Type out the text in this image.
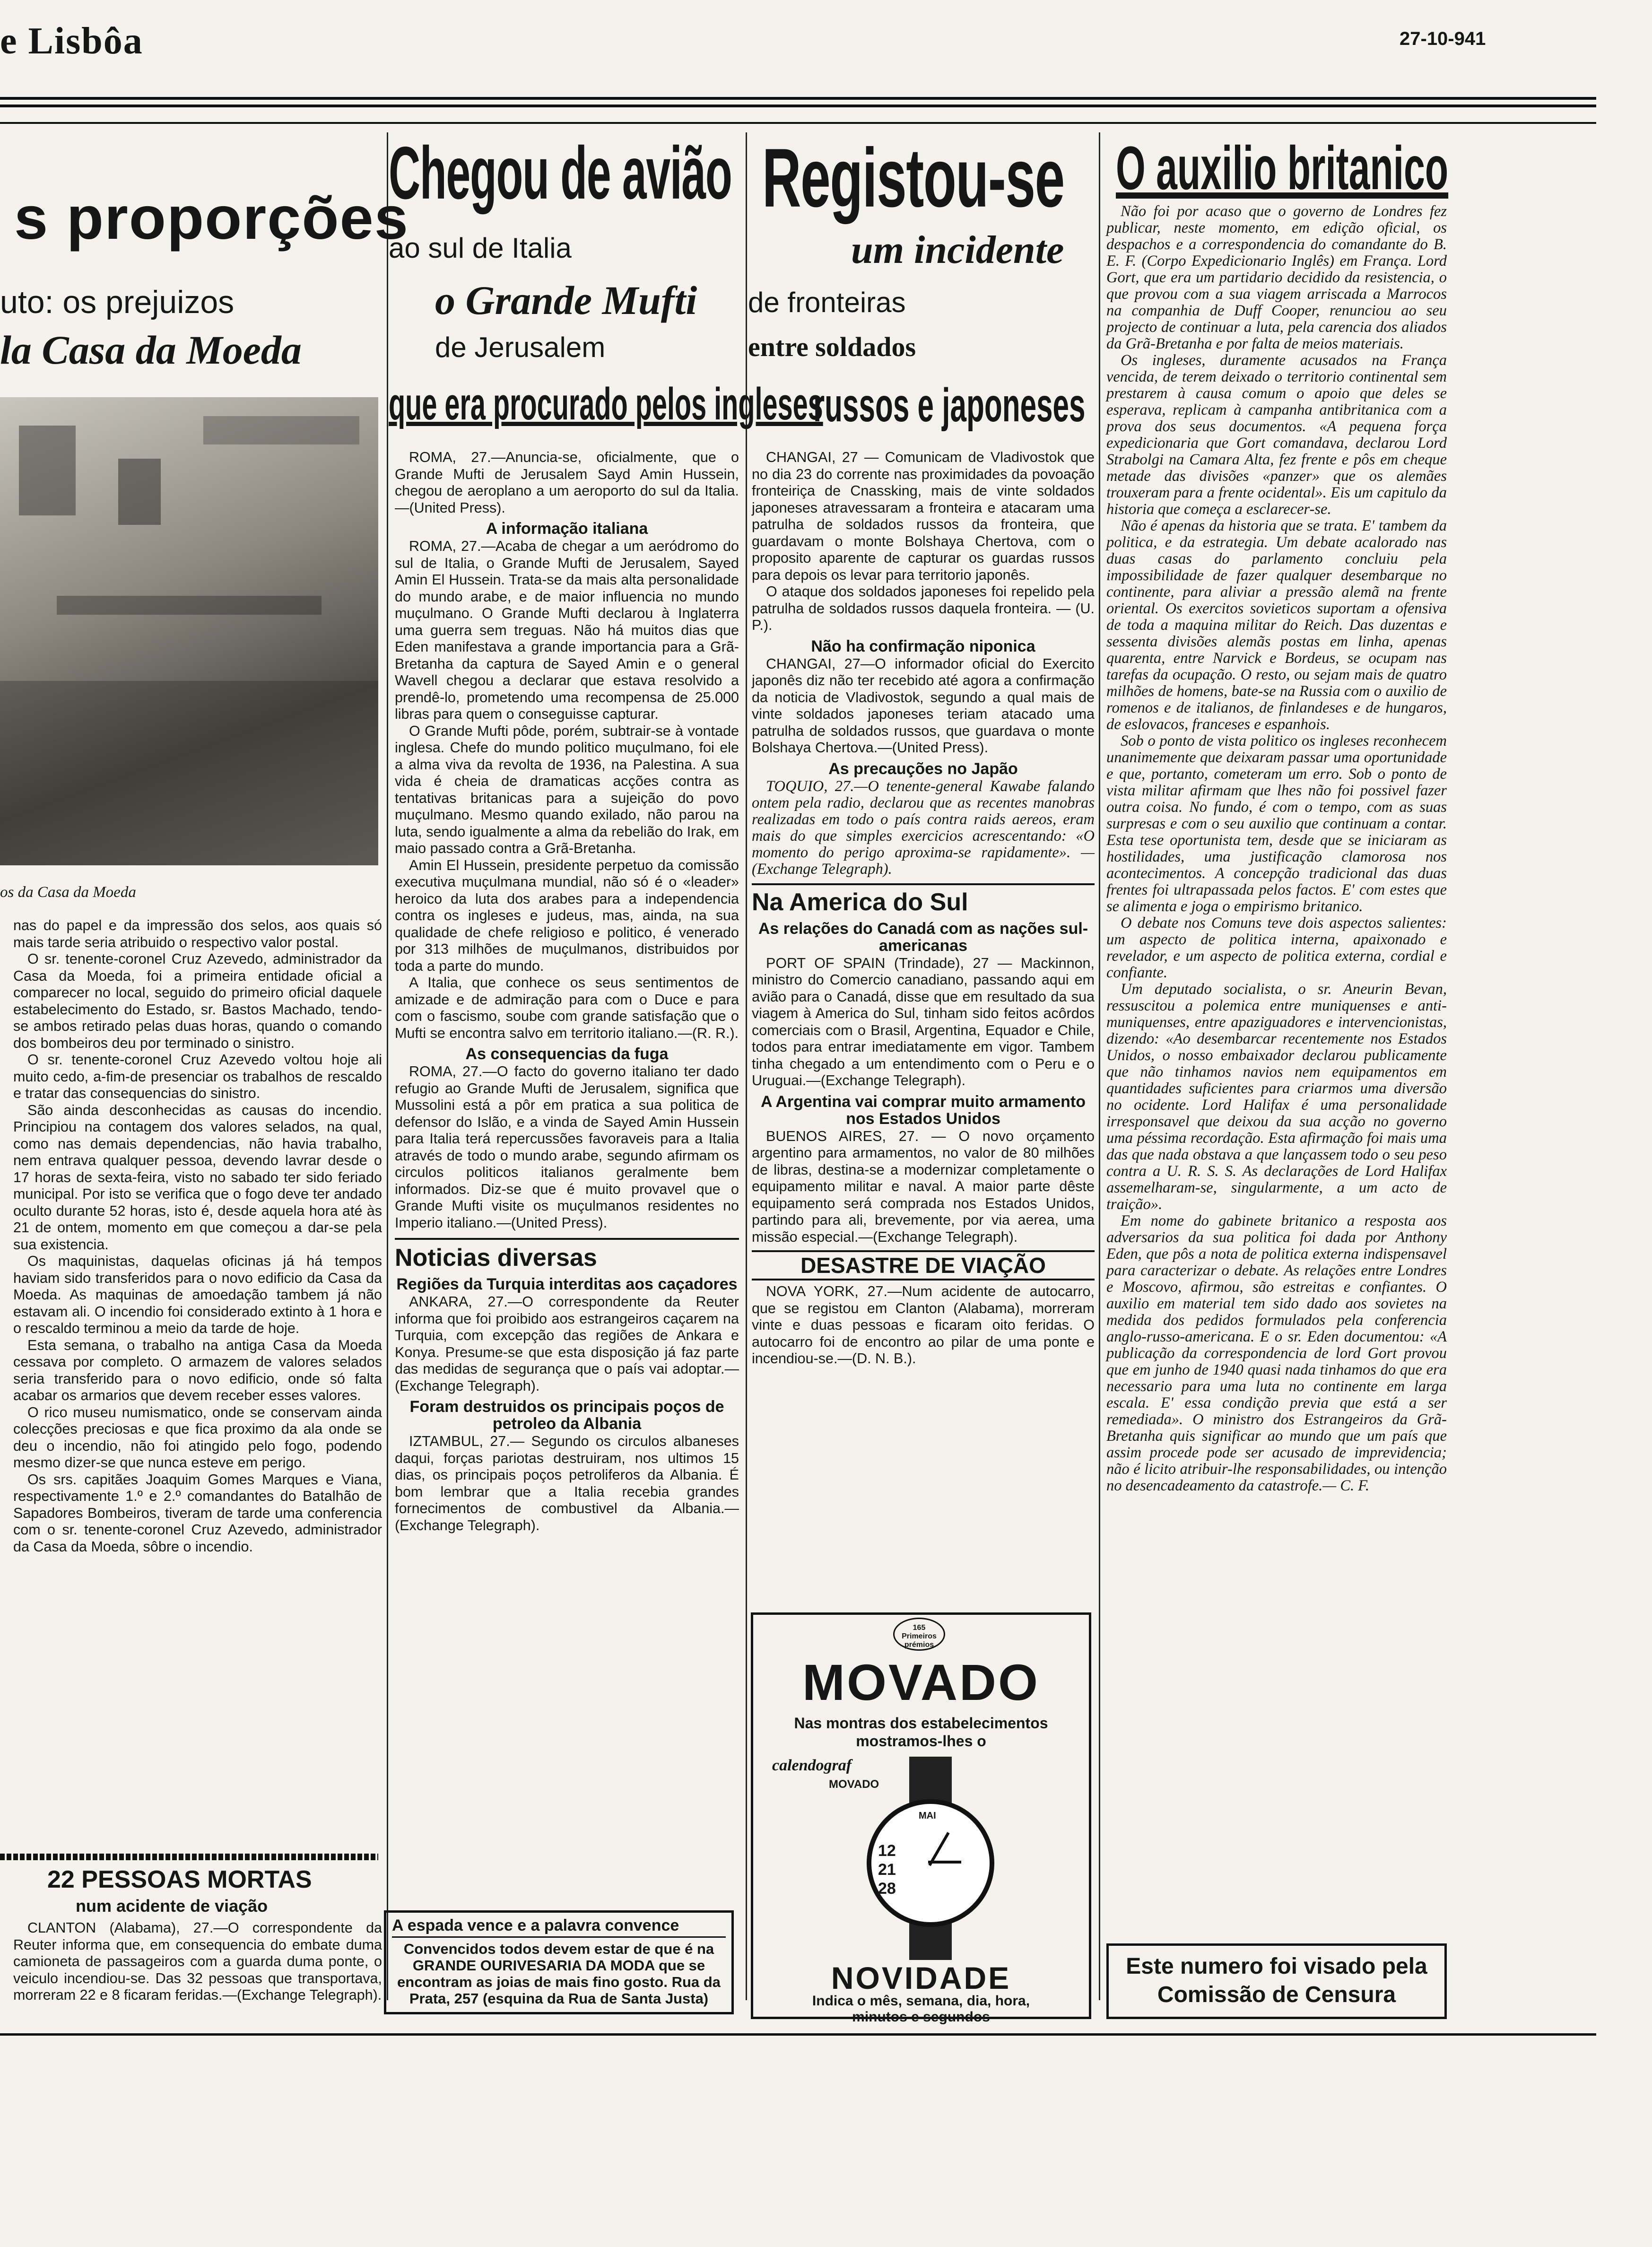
e Lisbôa	27-10-941
s proporções
uto: os prejuizos
la Casa da Moeda
os da Casa da Moeda

nas do papel e da impressão dos selos, aos quais só mais tarde seria atribuido o respectivo valor postal.

O sr. tenente-coronel Cruz Azevedo, administrador da Casa da Moeda, foi a primeira entidade oficial a comparecer no local, seguido do primeiro oficial daquele estabelecimento do Estado, sr. Bastos Machado, tendo-se ambos retirado pelas duas horas, quando o comando dos bombeiros deu por terminado o sinistro.

O sr. tenente-coronel Cruz Azevedo voltou hoje ali muito cedo, a-fim-de presenciar os trabalhos de rescaldo e tratar das consequencias do sinistro.

São ainda desconhecidas as causas do incendio. Principiou na contagem dos valores selados, na qual, como nas demais dependencias, não havia trabalho, nem entrava qualquer pessoa, devendo lavrar desde o 17 horas de sexta-feira, visto no sabado ter sido feriado municipal. Por isto se verifica que o fogo deve ter andado oculto durante 52 horas, isto é, desde aquela hora até às 21 de ontem, momento em que começou a dar-se pela sua existencia.

Os maquinistas, daquelas oficinas já há tempos haviam sido transferidos para o novo edificio da Casa da Moeda. As maquinas de amoedação tambem já não estavam ali. O incendio foi considerado extinto à 1 hora e o rescaldo terminou a meio da tarde de hoje.

Esta semana, o trabalho na antiga Casa da Moeda cessava por completo. O armazem de valores selados seria transferido para o novo edificio, onde só falta acabar os armarios que devem receber esses valores.

O rico museu numismatico, onde se conservam ainda colecções preciosas e que fica proximo da ala onde se deu o incendio, não foi atingido pelo fogo, podendo mesmo dizer-se que nunca esteve em perigo.

Os srs. capitães Joaquim Gomes Marques e Viana, respectivamente 1.º e 2.º comandantes do Batalhão de Sapadores Bombeiros, tiveram de tarde uma conferencia com o sr. tenente-coronel Cruz Azevedo, administrador da Casa da Moeda, sôbre o incendio.

22 PESSOAS MORTAS
num acidente de viação

CLANTON (Alabama), 27.—O correspondente da Reuter informa que, em consequencia do embate duma camioneta de passageiros com a guarda duma ponte, o veiculo incendiou-se. Das 32 pessoas que transportava, morreram 22 e 8 ficaram feridas.—(Exchange Telegraph).

Chegou de avião
ao sul de Italia
o Grande Mufti
de Jerusalem
que era procurado pelos ingleses

ROMA, 27.—Anuncia-se, oficialmente, que o Grande Mufti de Jerusalem Sayd Amin Hussein, chegou de aeroplano a um aeroporto do sul da Italia.—(United Press).

A informação italiana

ROMA, 27.—Acaba de chegar a um aeródromo do sul de Italia, o Grande Mufti de Jerusalem, Sayed Amin El Hussein. Trata-se da mais alta personalidade do mundo arabe, e de maior influencia no mundo muçulmano. O Grande Mufti declarou à Inglaterra uma guerra sem treguas. Não há muitos dias que Eden manifestava a grande importancia para a Grã-Bretanha da captura de Sayed Amin e o general Wavell chegou a declarar que estava resolvido a prendê-lo, prometendo uma recompensa de 25.000 libras para quem o conseguisse capturar.

O Grande Mufti pôde, porém, subtrair-se à vontade inglesa. Chefe do mundo politico muçulmano, foi ele a alma viva da revolta de 1936, na Palestina. A sua vida é cheia de dramaticas acções contra as tentativas britanicas para a sujeição do povo muçulmano. Mesmo quando exilado, não parou na luta, sendo igualmente a alma da rebelião do Irak, em maio passado contra a Grã-Bretanha.

Amin El Hussein, presidente perpetuo da comissão executiva muçulmana mundial, não só é o «leader» heroico da luta dos arabes para a independencia contra os ingleses e judeus, mas, ainda, na sua qualidade de chefe religioso e politico, é venerado por 313 milhões de muçulmanos, distribuidos por toda a parte do mundo.

A Italia, que conhece os seus sentimentos de amizade e de admiração para com o Duce e para com o fascismo, soube com grande satisfação que o Mufti se encontra salvo em territorio italiano.—(R. R.).

As consequencias da fuga

ROMA, 27.—O facto do governo italiano ter dado refugio ao Grande Mufti de Jerusalem, significa que Mussolini está a pôr em pratica a sua politica de defensor do Islão, e a vinda de Sayed Amin Hussein para Italia terá repercussões favoraveis para a Italia através de todo o mundo arabe, segundo afirmam os circulos politicos italianos geralmente bem informados. Diz-se que é muito provavel que o Grande Mufti visite os muçulmanos residentes no Imperio italiano.—(United Press).

Noticias diversas
Regiões da Turquia interditas aos caçadores

ANKARA, 27.—O correspondente da Reuter informa que foi proibido aos estrangeiros caçarem na Turquia, com excepção das regiões de Ankara e Konya. Presume-se que esta disposição já faz parte das medidas de segurança que o país vai adoptar.—(Exchange Telegraph).

Foram destruidos os principais poços de petroleo da Albania

IZTAMBUL, 27.— Segundo os circulos albaneses daqui, forças pariotas destruiram, nos ultimos 15 dias, os principais poços petroliferos da Albania. É bom lembrar que a Italia recebia grandes fornecimentos de combustivel da Albania.—(Exchange Telegraph).

A espada vence e a palavra convence
Convencidos todos devem estar de que é na GRANDE OURIVESARIA DA MODA que se encontram as joias de mais fino gosto. Rua da Prata, 257 (esquina da Rua de Santa Justa)
Registou-se
um incidente
de fronteiras
entre soldados
russos e japoneses

CHANGAI, 27 — Comunicam de Vladivostok que no dia 23 do corrente nas proximidades da povoação fronteiriça de Cnassking, mais de vinte soldados japoneses atravessaram a fronteira e atacaram uma patrulha de soldados russos da fronteira, que guardavam o monte Bolshaya Chertova, com o proposito aparente de capturar os guardas russos para depois os levar para territorio japonês.

O ataque dos soldados japoneses foi repelido pela patrulha de soldados russos daquela fronteira. — (U. P.).

Não ha confirmação niponica

CHANGAI, 27—O informador oficial do Exercito japonês diz não ter recebido até agora a confirmação da noticia de Vladivostok, segundo a qual mais de vinte soldados japoneses teriam atacado uma patrulha de soldados russos, que guardava o monte Bolshaya Chertova.—(United Press).

As precauções no Japão

TOQUIO, 27.—O tenente-general Kawabe falando ontem pela radio, declarou que as recentes manobras realizadas em todo o país contra raids aereos, eram mais do que simples exercicios acrescentando: «O momento do perigo aproxima-se rapidamente». — (Exchange Telegraph).

Na America do Sul
As relações do Canadá com as nações sul-americanas

PORT OF SPAIN (Trindade), 27 — Mackinnon, ministro do Comercio canadiano, passando aqui em avião para o Canadá, disse que em resultado da sua viagem à America do Sul, tinham sido feitos acôrdos comerciais com o Brasil, Argentina, Equador e Chile, todos para entrar imediatamente em vigor. Tambem tinha chegado a um entendimento com o Peru e o Uruguai.—(Exchange Telegraph).

A Argentina vai comprar muito armamento nos Estados Unidos

BUENOS AIRES, 27. — O novo orçamento argentino para armamentos, no valor de 80 milhões de libras, destina-se a modernizar completamente o equipamento militar e naval. A maior parte dêste equipamento será comprada nos Estados Unidos, partindo para ali, brevemente, por via aerea, uma missão especial.—(Exchange Telegraph).

DESASTRE DE VIAÇÃO

NOVA YORK, 27.—Num acidente de autocarro, que se registou em Clanton (Alabama), morreram vinte e duas pessoas e ficaram oito feridas. O autocarro foi de encontro ao pilar de uma ponte e incendiou-se.—(D. N. B.).

165 Primeiros prémios
MOVADO
Nas montras dos estabelecimentos mostramos-lhes o
calendograf
MOVADO
MAI
12
21
28
NOVIDADE
Indica o mês, semana, dia, hora, minutos e segundos
O auxilio britanico

Não foi por acaso que o governo de Londres fez publicar, neste momento, em edição oficial, os despachos e a correspondencia do comandante do B. E. F. (Corpo Expedicionario Inglês) em França. Lord Gort, que era um partidario decidido da resistencia, o que provou com a sua viagem arriscada a Marrocos na companhia de Duff Cooper, renunciou ao seu projecto de continuar a luta, pela carencia dos aliados da Grã-Bretanha e por falta de meios materiais.

Os ingleses, duramente acusados na França vencida, de terem deixado o territorio continental sem prestarem à causa comum o apoio que deles se esperava, replicam à campanha antibritanica com a prova dos seus documentos. «A pequena força expedicionaria que Gort comandava, declarou Lord Strabolgi na Camara Alta, fez frente e pôs em cheque metade das divisões «panzer» que os alemães trouxeram para a frente ocidental». Eis um capitulo da historia que começa a esclarecer-se.

Não é apenas da historia que se trata. E' tambem da politica, e da estrategia. Um debate acalorado nas duas casas do parlamento concluiu pela impossibilidade de fazer qualquer desembarque no continente, para aliviar a pressão alemã na frente oriental. Os exercitos sovieticos suportam a ofensiva de toda a maquina militar do Reich. Das duzentas e sessenta divisões alemãs postas em linha, apenas quarenta, entre Narvick e Bordeus, se ocupam nas tarefas da ocupação. O resto, ou sejam mais de quatro milhões de homens, bate-se na Russia com o auxilio de romenos e de italianos, de finlandeses e de hungaros, de eslovacos, franceses e espanhois.

Sob o ponto de vista politico os ingleses reconhecem unanimemente que deixaram passar uma oportunidade e que, portanto, cometeram um erro. Sob o ponto de vista militar afirmam que lhes não foi possivel fazer outra coisa. No fundo, é com o tempo, com as suas surpresas e com o seu auxilio que continuam a contar. Esta tese oportunista tem, desde que se iniciaram as hostilidades, uma justificação clamorosa nos acontecimentos. A concepção tradicional das duas frentes foi ultrapassada pelos factos. E' com estes que se alimenta e joga o empirismo britanico.

O debate nos Comuns teve dois aspectos salientes: um aspecto de politica interna, apaixonado e revelador, e um aspecto de politica externa, cordial e confiante.

Um deputado socialista, o sr. Aneurin Bevan, ressuscitou a polemica entre muniquenses e anti-muniquenses, entre apaziguadores e intervencionistas, dizendo: «Ao desembarcar recentemente nos Estados Unidos, o nosso embaixador declarou publicamente que não tinhamos navios nem equipamentos em quantidades suficientes para criarmos uma diversão no ocidente. Lord Halifax é uma personalidade irresponsavel que deixou da sua acção no governo uma péssima recordação. Esta afirmação foi mais uma das que nada obstava a que lançassem todo o seu peso contra a U. R. S. S. As declarações de Lord Halifax assemelharam-se, singularmente, a um acto de traição».

Em nome do gabinete britanico a resposta aos adversarios da sua politica foi dada por Anthony Eden, que pôs a nota de politica externa indispensavel para caracterizar o debate. As relações entre Londres e Moscovo, afirmou, são estreitas e confiantes. O auxilio em material tem sido dado aos sovietes na medida dos pedidos formulados pela conferencia anglo-russo-americana. E o sr. Eden documentou: «A publicação da correspondencia de lord Gort provou que em junho de 1940 quasi nada tinhamos do que era necessario para uma luta no continente em larga escala. E' essa condição previa que está a ser remediada». O ministro dos Estrangeiros da Grã-Bretanha quis significar ao mundo que um país que assim procede pode ser acusado de imprevidencia; não é licito atribuir-lhe responsabilidades, ou intenção no desencadeamento da catastrofe.— C. F.

Este numero foi visado pela Comissão de Censura
